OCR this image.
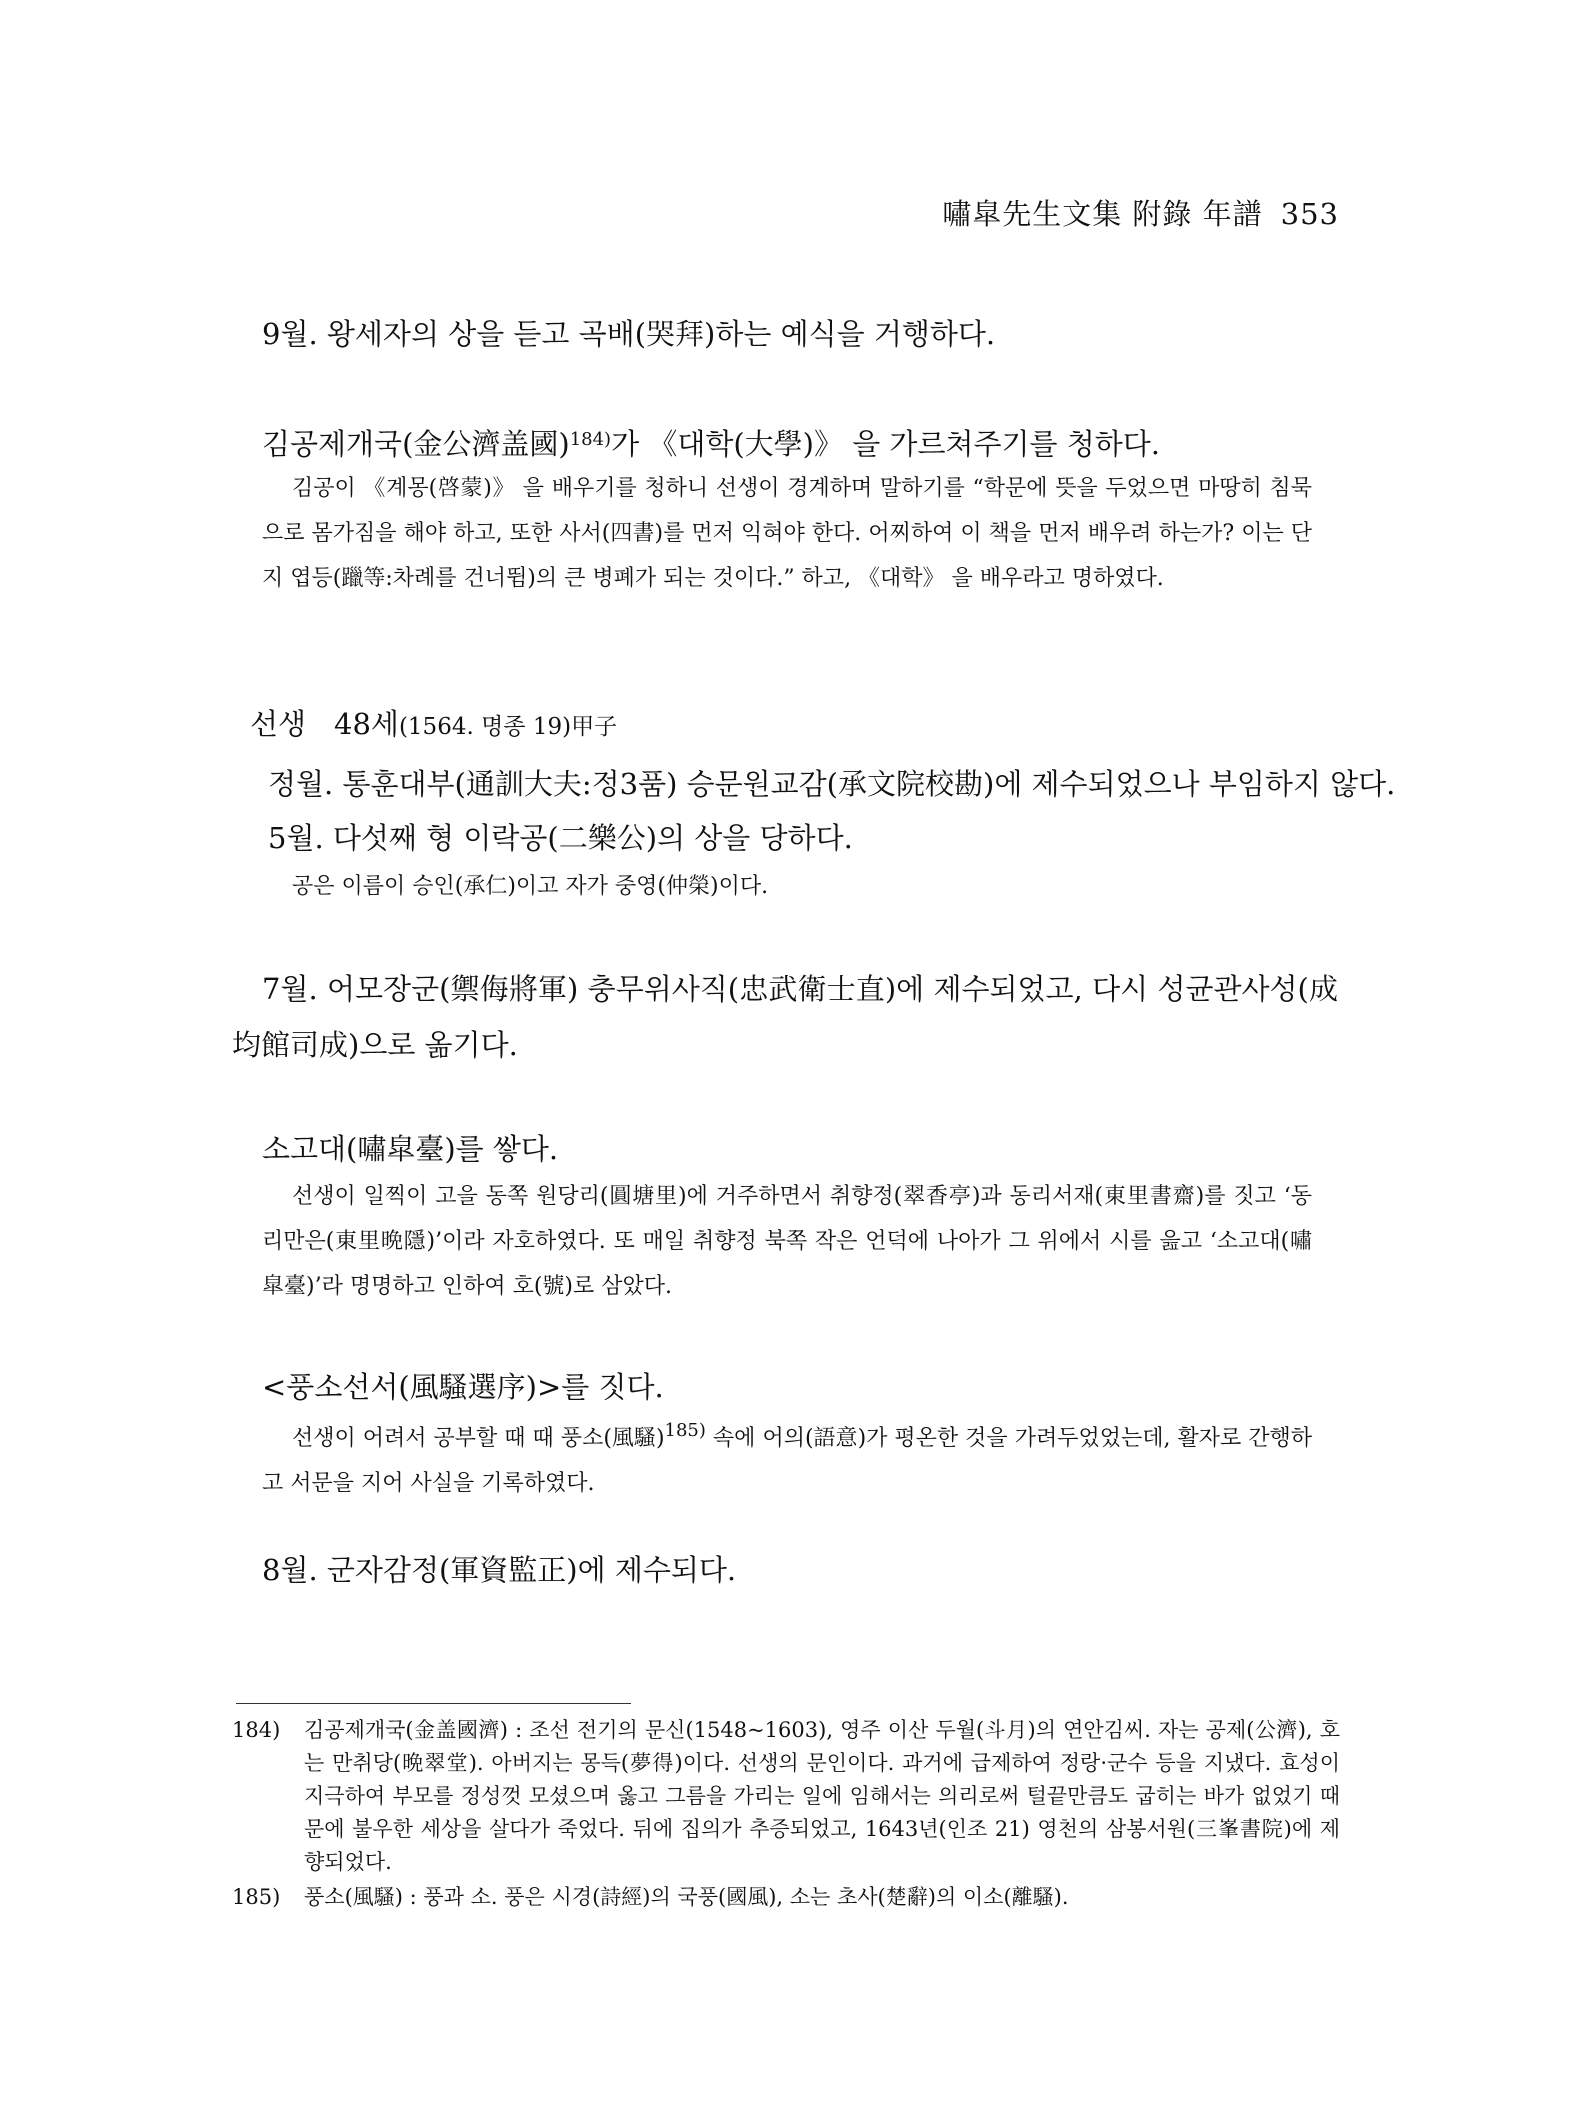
嘯皐先生文集 附錄 年譜 353
9월. 왕세자의 상을 듣고 곡배(哭拜)하는 예식을 거행하다.
김공제개국(金公濟盖國)$^{184)}$가 《대학(大學)》 을 가르쳐주기를 청하다.

김공이 《계몽(啓蒙)》 을 배우기를 청하니 선생이 경계하며 말하기를 “학문에 뜻을 두었으면 마땅히 침묵으로 몸가짐을 해야 하고, 또한 사서(四書)를 먼저 익혀야 한다. 어찌하여 이 책을 먼저 배우려 하는가? 이는 단지 엽등(躐等:차례를 건너뜀)의 큰 병폐가 되는 것이다.” 하고, 《대학》 을 배우라고 명하였다.

선생 48세(1564. 명종 19)甲子
정월. 통훈대부(通訓大夫:정3품) 승문원교감(承文院校勘)에 제수되었으나 부임하지 않다.
5월. 다섯째 형 이락공(二樂公)의 상을 당하다.

공은 이름이 승인(承仁)이고 자가 중영(仲榮)이다.

7월. 어모장군(禦侮將軍) 충무위사직(忠武衛士直)에 제수되었고, 다시 성균관사성(成均館司成)으로 옮기다.

소고대(嘯皐臺)를 쌓다.

선생이 일찍이 고을 동쪽 원당리(圓塘里)에 거주하면서 취향정(翠香亭)과 동리서재(東里書齋)를 짓고 ‘동리만은(東里晩隱)’이라 자호하였다. 또 매일 취향정 북쪽 작은 언덕에 나아가 그 위에서 시를 읊고 ‘소고대(嘯皐臺)’라 명명하고 인하여 호(號)로 삼았다.

<풍소선서(風騷選序)>를 짓다.

선생이 어려서 공부할 때 때 풍소(風騷)$^{185)}$ 속에 어의(語意)가 평온한 것을 가려두었었는데, 활자로 간행하고 서문을 지어 사실을 기록하였다.

8월. 군자감정(軍資監正)에 제수되다.
184)	김공제개국(金盖國濟) : 조선 전기의 문신(1548~1603), 영주 이산 두월(斗月)의 연안김씨. 자는 공제(公濟), 호는 만취당(晩翠堂). 아버지는 몽득(夢得)이다. 선생의 문인이다. 과거에 급제하여 정랑·군수 등을 지냈다. 효성이 지극하여 부모를 정성껏 모셨으며 옳고 그름을 가리는 일에 임해서는 의리로써 털끝만큼도 굽히는 바가 없었기 때문에 불우한 세상을 살다가 죽었다. 뒤에 집의가 추증되었고, 1643년(인조 21) 영천의 삼봉서원(三峯書院)에 제향되었다.
185)	풍소(風騷) : 풍과 소. 풍은 시경(詩經)의 국풍(國風), 소는 초사(楚辭)의 이소(離騷).
